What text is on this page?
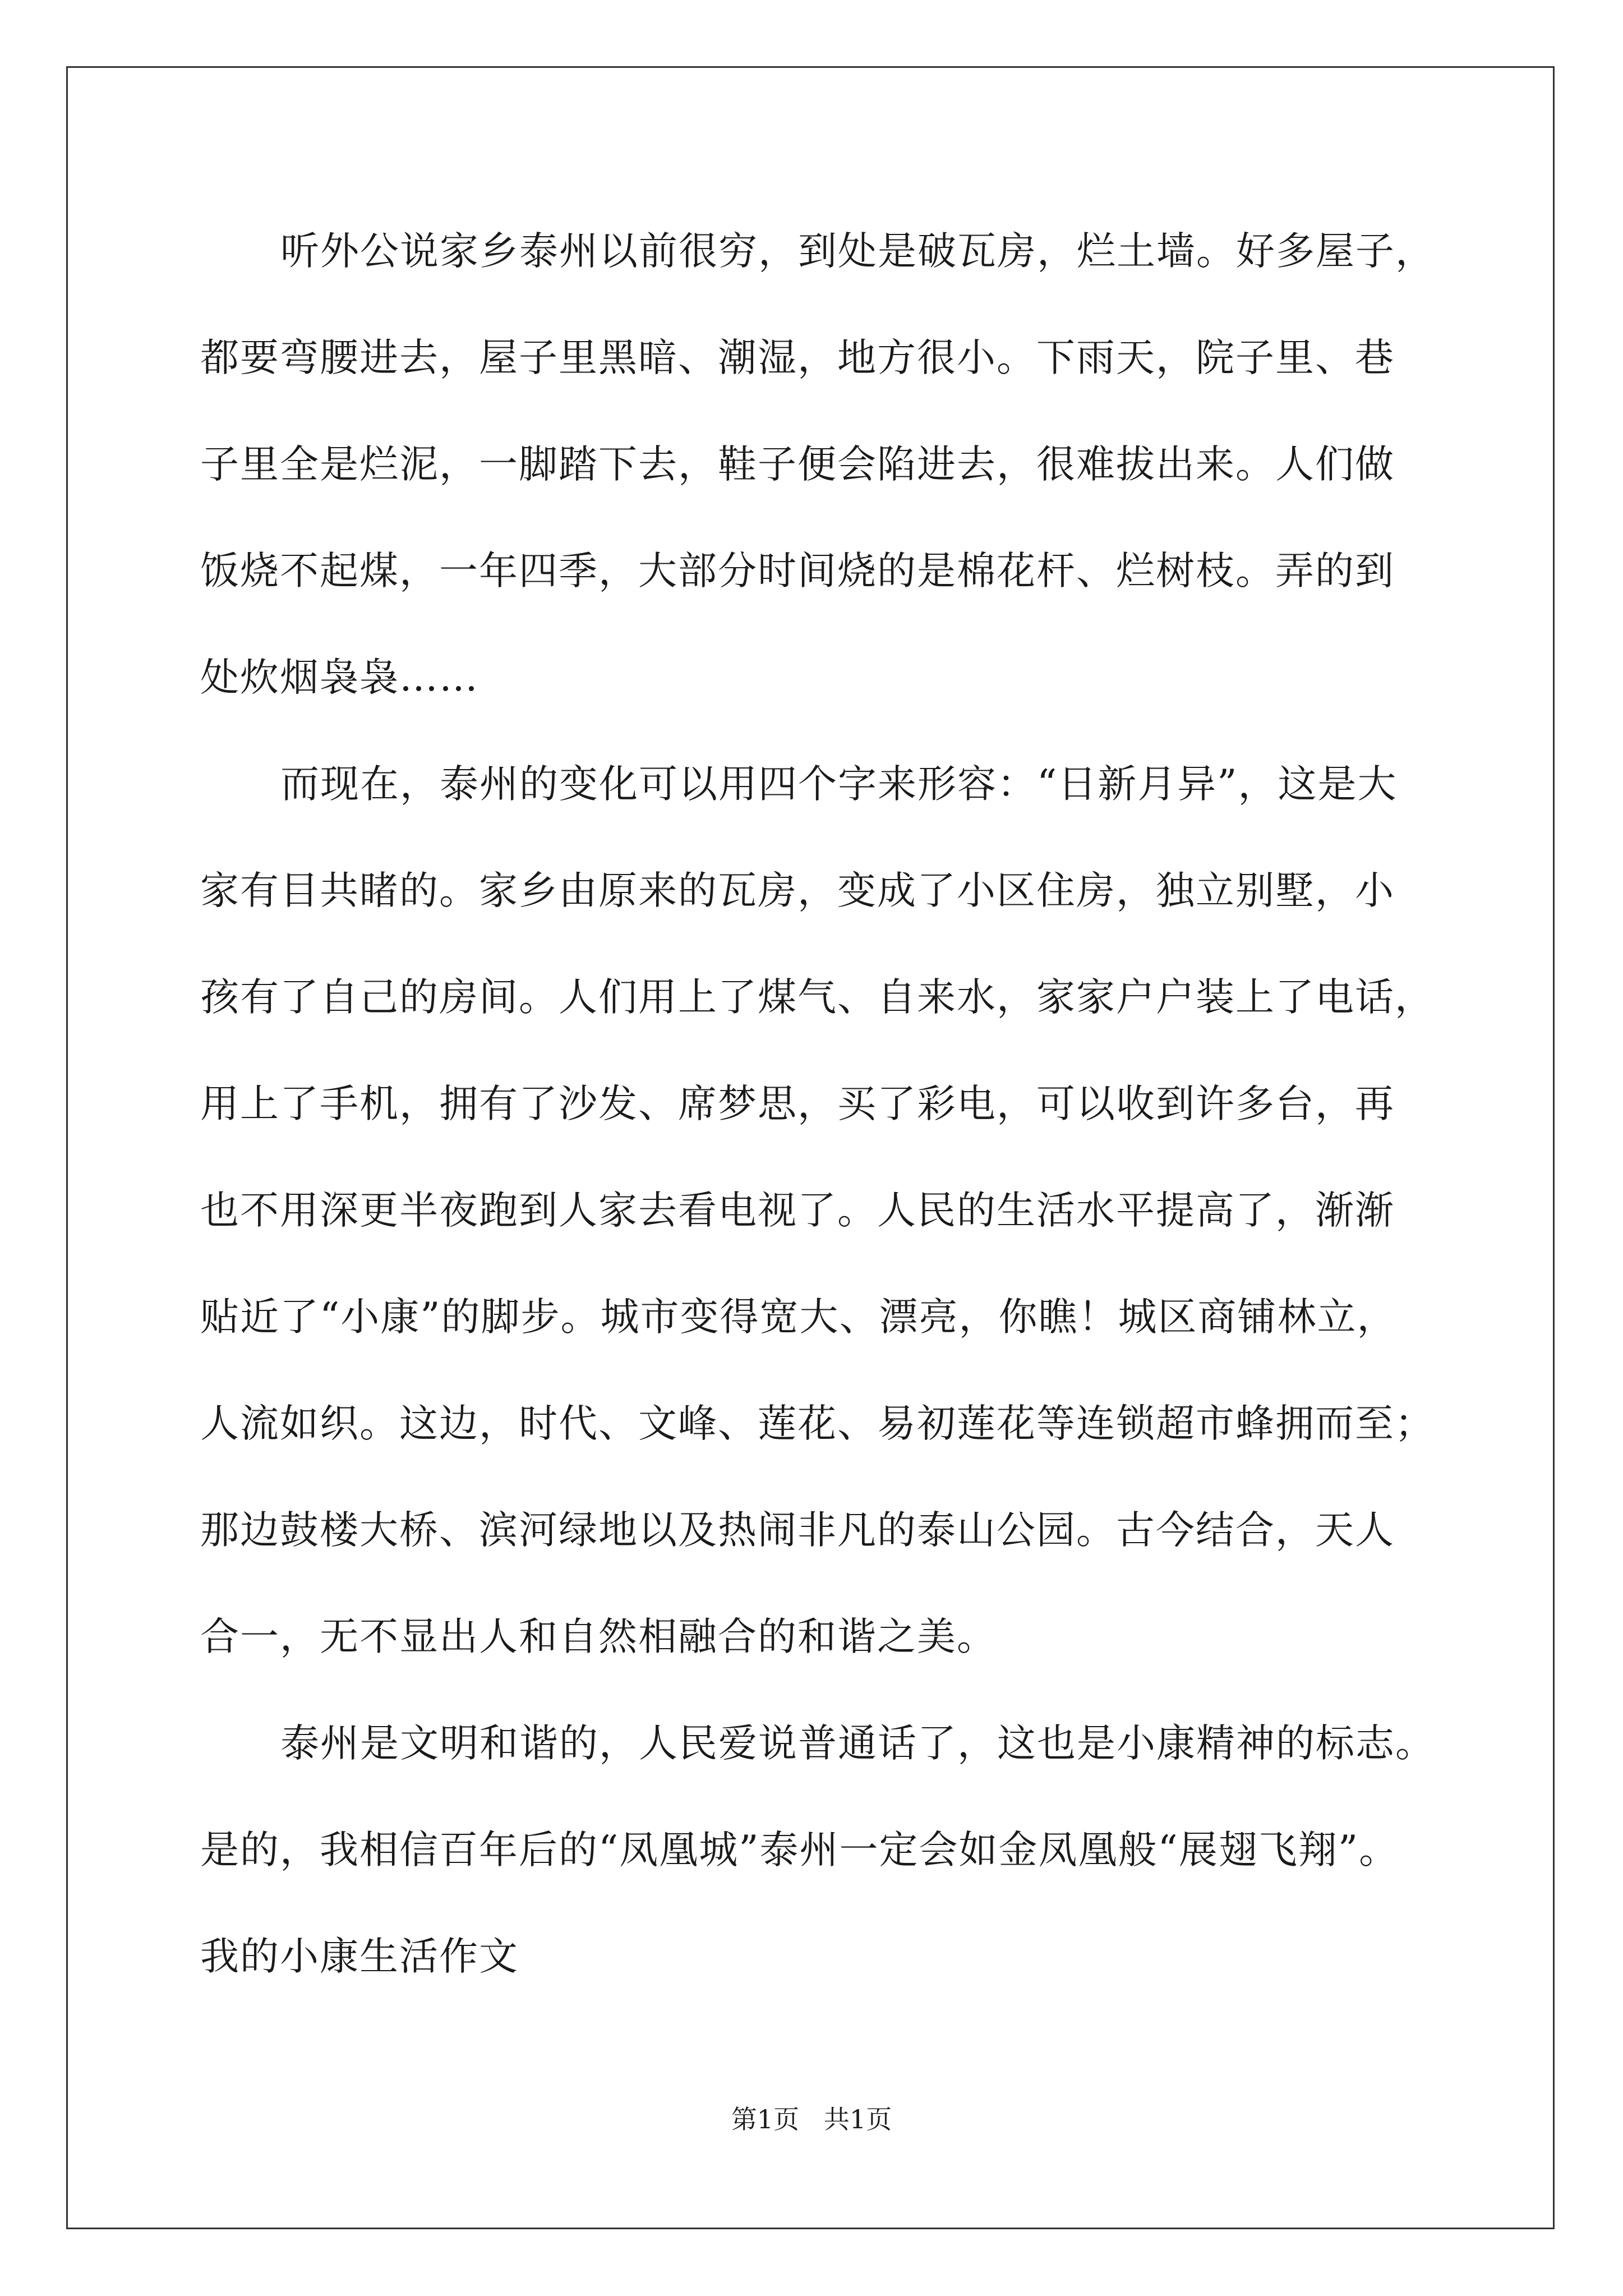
听外公说家乡泰州以前很穷，到处是破瓦房，烂土墙。好多屋子，
都要弯腰进去，屋子里黑暗、潮湿，地方很小。下雨天，院子里、巷
子里全是烂泥，一脚踏下去，鞋子便会陷进去，很难拔出来。人们做
饭烧不起煤，一年四季，大部分时间烧的是棉花杆、烂树枝。弄的到
处炊烟袅袅……
而现在，泰州的变化可以用四个字来形容：“日新月异”，这是大
家有目共睹的。家乡由原来的瓦房，变成了小区住房，独立别墅，小
孩有了自己的房间。人们用上了煤气、自来水，家家户户装上了电话，
用上了手机，拥有了沙发、席梦思，买了彩电，可以收到许多台，再
也不用深更半夜跑到人家去看电视了。人民的生活水平提高了，渐渐
贴近了“小康”的脚步。城市变得宽大、漂亮，你瞧！城区商铺林立，
人流如织。这边，时代、文峰、莲花、易初莲花等连锁超市蜂拥而至；
那边鼓楼大桥、滨河绿地以及热闹非凡的泰山公园。古今结合，天人
合一，无不显出人和自然相融合的和谐之美。
泰州是文明和谐的，人民爱说普通话了，这也是小康精神的标志。
是的，我相信百年后的“凤凰城”泰州一定会如金凤凰般“展翅飞翔”。
我的小康生活作文
第1页   共1页
